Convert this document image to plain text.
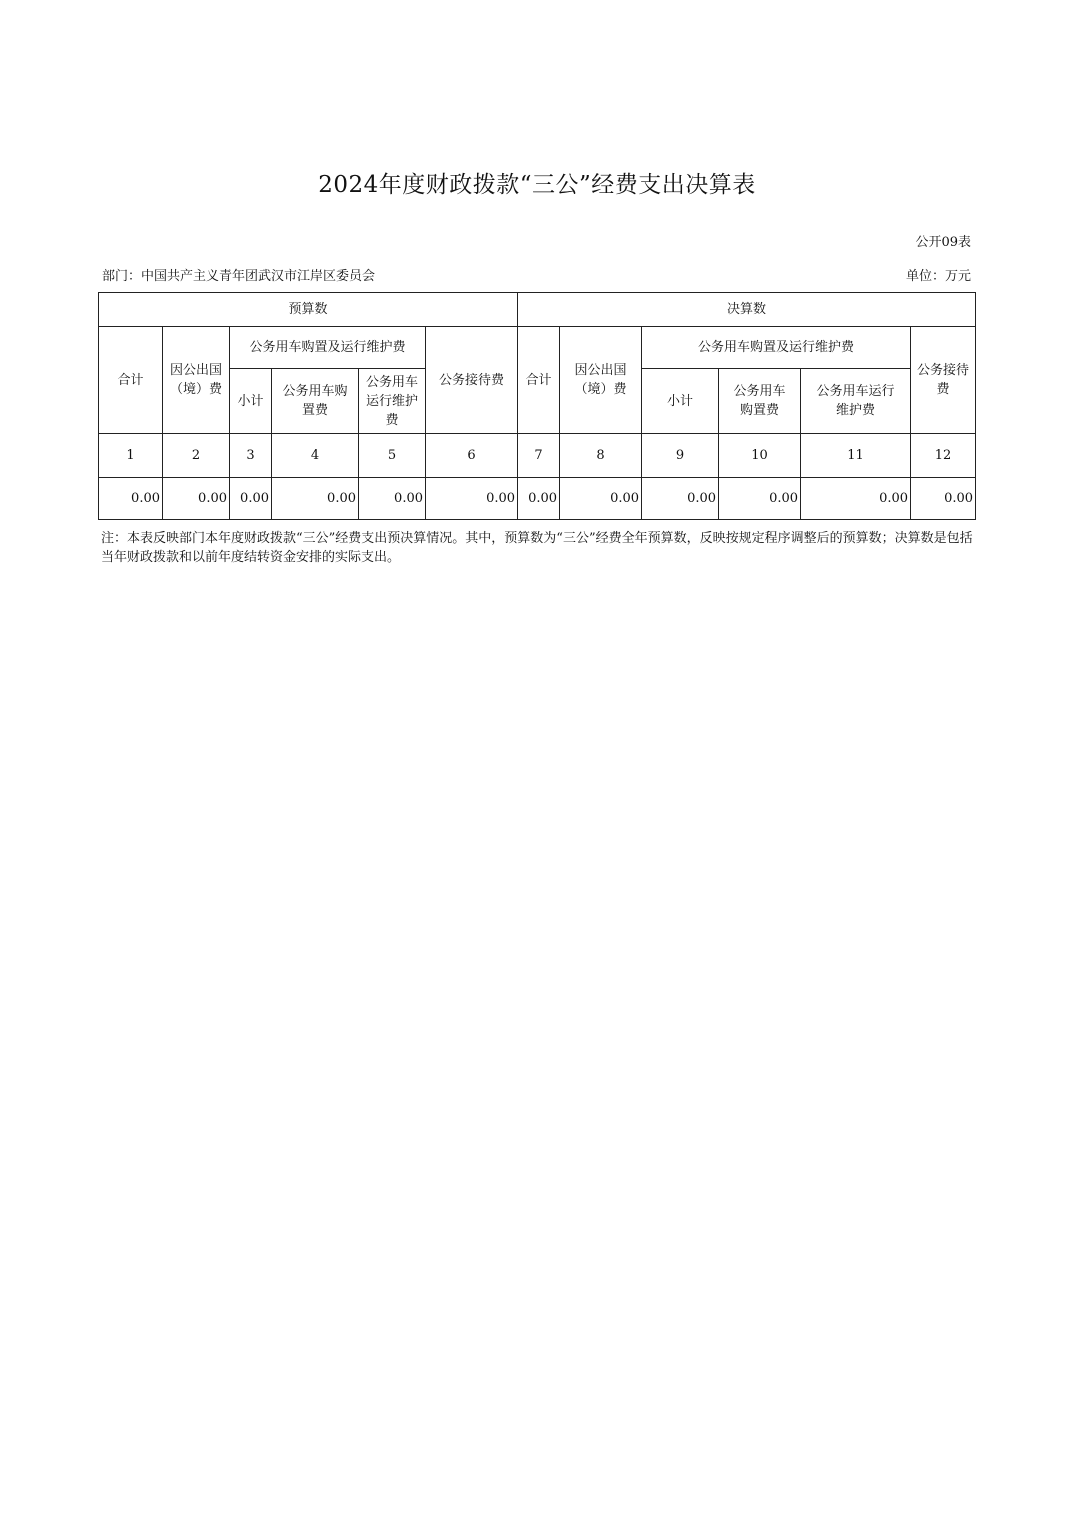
2024年度财政拨款“三公”经费支出决算表
公开09表
部门：中国共产主义青年团武汉市江岸区委员会	单位：万元
预算数						决算数					
合计	因公出国（境）费	公务用车购置及运行维护费			公务接待费	合计	因公出国（境）费	公务用车购置及运行维护费			公务接待费
		小计	公务用车购置费	公务用车运行维护费				小计	公务用车购置费	公务用车运行维护费	
1	2	3	4	5	6	7	8	9	10	11	12
0.00	0.00	0.00	0.00	0.00	0.00	0.00	0.00	0.00	0.00	0.00	0.00
注：本表反映部门本年度财政拨款“三公”经费支出预决算情况。其中，预算数为“三公”经费全年预算数，反映按规定程序调整后的预算数；决算数是包括当年财政拨款和以前年度结转资金安排的实际支出。
